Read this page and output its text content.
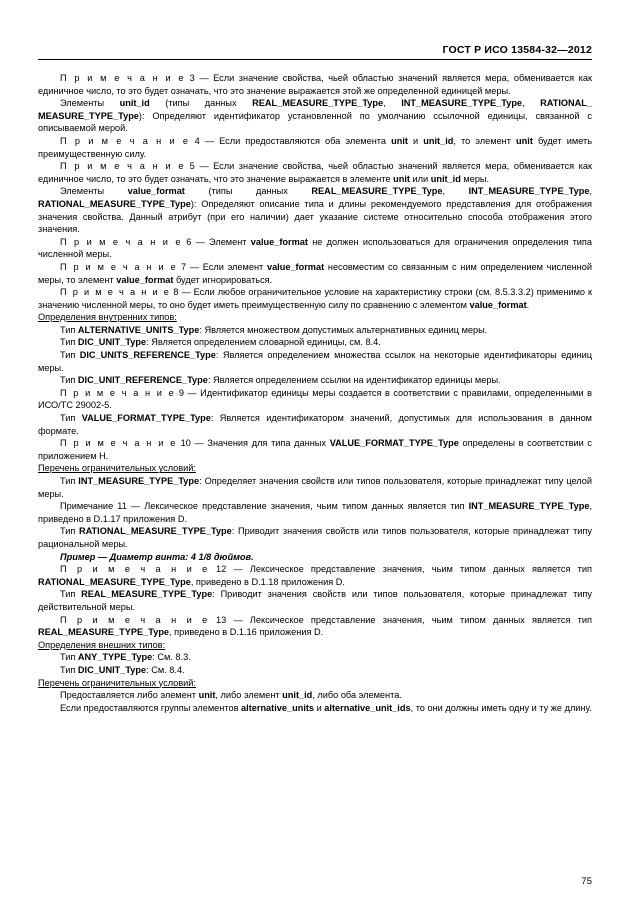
ГОСТ Р ИСО 13584-32—2012

П р и м е ч а н и е 3 — Если значение свойства, чьей областью значений является мера, обменивается как единичное число, то это будет означать, что это значение выражается этой же определенной единицей меры.

Элементы unit_id (типы данных REAL_MEASURE_TYPE_Type, INT_MEASURE_TYPE_Type, RATIONAL_ MEASURE_TYPE_Type): Определяют идентификатор установленной по умолчанию ссылочной единицы, связанной с описываемой мерой.

П р и м е ч а н и е 4 — Если предоставляются оба элемента unit и unit_id, то элемент unit будет иметь преимущественную силу.

П р и м е ч а н и е 5 — Если значение свойства, чьей областью значений является мера, обменивается как единичное число, то это будет означать, что это значение выражается в элементе unit или unit_id меры.

Элементы value_format (типы данных REAL_MEASURE_TYPE_Type, INT_MEASURE_TYPE_Type, RATIONAL_MEASURE_TYPE_Type): Определяют описание типа и длины рекомендуемого представления для отображения значения свойства. Данный атрибут (при его наличии) дает указание системе относительно способа отображения этого значения.

П р и м е ч а н и е 6 — Элемент value_format не должен использоваться для ограничения определения типа численной меры.

П р и м е ч а н и е 7 — Если элемент value_format несовместим со связанным с ним определением численной меры, то элемент value_format будет игнорироваться.

П р и м е ч а н и е 8 — Если любое ограничительное условие на характеристику строки (см. 8.5.3.3.2) применимо к значению численной меры, то оно будет иметь преимущественную силу по сравнению с элементом value_format.

Определения внутренних типов:

Тип ALTERNATIVE_UNITS_Type: Является множеством допустимых альтернативных единиц меры.

Тип DIC_UNIT_Type: Является определением словарной единицы, см. 8.4.

Тип DIC_UNITS_REFERENCE_Type: Является определением множества ссылок на некоторые идентификаторы единиц меры.

Тип DIC_UNIT_REFERENCE_Type: Является определением ссылки на идентификатор единицы меры.

П р и м е ч а н и е 9 — Идентификатор единицы меры создается в соответствии с правилами, определенными в ИСО/ТС 29002-5.

Тип VALUE_FORMAT_TYPE_Type: Является идентификатором значений, допустимых для использования в данном формате.

П р и м е ч а н и е 10 — Значения для типа данных VALUE_FORMAT_TYPE_Type определены в соответствии с приложением H.

Перечень ограничительных условий:

Тип INT_MEASURE_TYPE_Type: Определяет значения свойств или типов пользователя, которые принадлежат типу целой меры.

Примечание 11 — Лексическое представление значения, чьим типом данных является тип INT_MEASURE_TYPE_Type, приведено в D.1.17 приложения D.

Тип RATIONAL_MEASURE_TYPE_Type: Приводит значения свойств или типов пользователя, которые принадлежат типу рациональной меры.

Пример — Диаметр винта: 4 1/8 дюймов.

П р и м е ч а н и е 12 — Лексическое представление значения, чьим типом данных является тип RATIONAL_MEASURE_TYPE_Type, приведено в D.1.18 приложения D.

Тип REAL_MEASURE_TYPE_Type: Приводит значения свойств или типов пользователя, которые принадлежат типу действительной меры.

П р и м е ч а н и е 13 — Лексическое представление значения, чьим типом данных является тип REAL_MEASURE_TYPE_Type, приведено в D.1.16 приложения D.

Определения внешних типов:

Тип ANY_TYPE_Type: См. 8.3.

Тип DIC_UNIT_Type: См. 8.4.

Перечень ограничительных условий:

Предоставляется либо элемент unit, либо элемент unit_id, либо оба элемента.

Если предоставляются группы элементов alternative_units и alternative_unit_ids, то они должны иметь одну и ту же длину.

75
